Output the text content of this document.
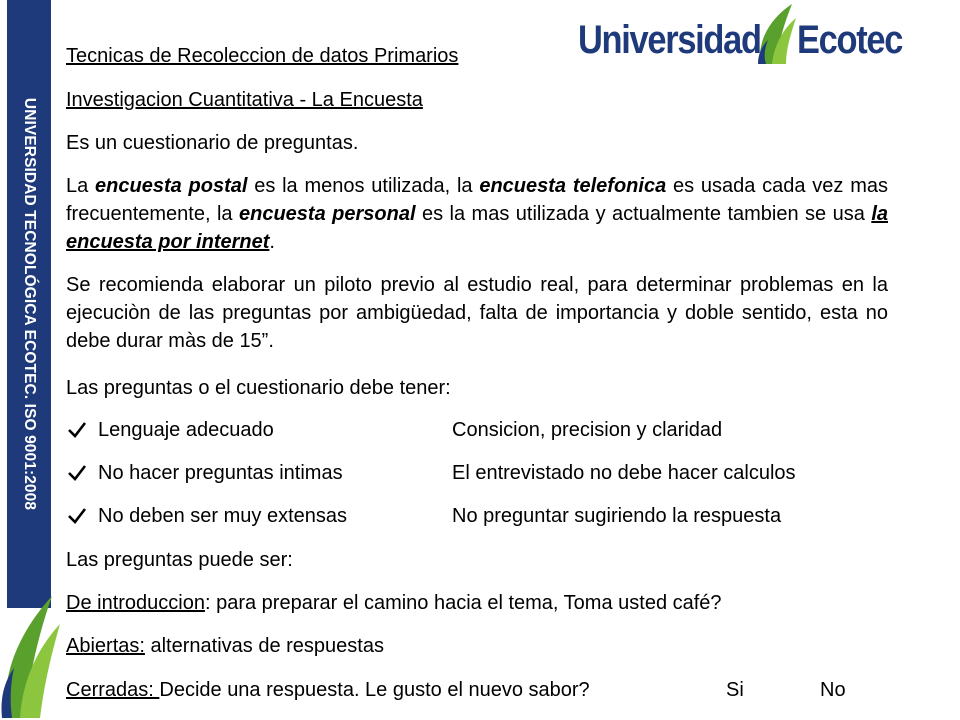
UNIVERSIDAD TECNOLÓGICA ECOTEC. ISO 9001:2008
Universidad Ecotec
Tecnicas de Recoleccion de datos Primarios
Investigacion Cuantitativa - La Encuesta
Es un cuestionario de preguntas.
La encuesta postal es la menos utilizada, la encuesta telefonica es usada cada vez mas frecuentemente, la encuesta personal es la mas utilizada y actualmente tambien se usa la encuesta por internet.
Se recomienda elaborar un piloto previo al estudio real, para determinar problemas en la ejecuciòn de las preguntas por ambigüedad, falta de importancia y doble sentido, esta no debe durar màs de 15”.
Las preguntas o el cuestionario debe tener:
Lenguaje adecuado	Consicion, precision y claridad
No hacer preguntas intimas	El entrevistado no debe hacer calculos
No deben ser muy extensas	No preguntar sugiriendo la respuesta
Las preguntas puede ser:
De introduccion: para preparar el camino hacia el tema, Toma usted café?
Abiertas: alternativas de respuestas
Cerradas: Decide una respuesta. Le gusto el nuevo sabor?	Si	No
